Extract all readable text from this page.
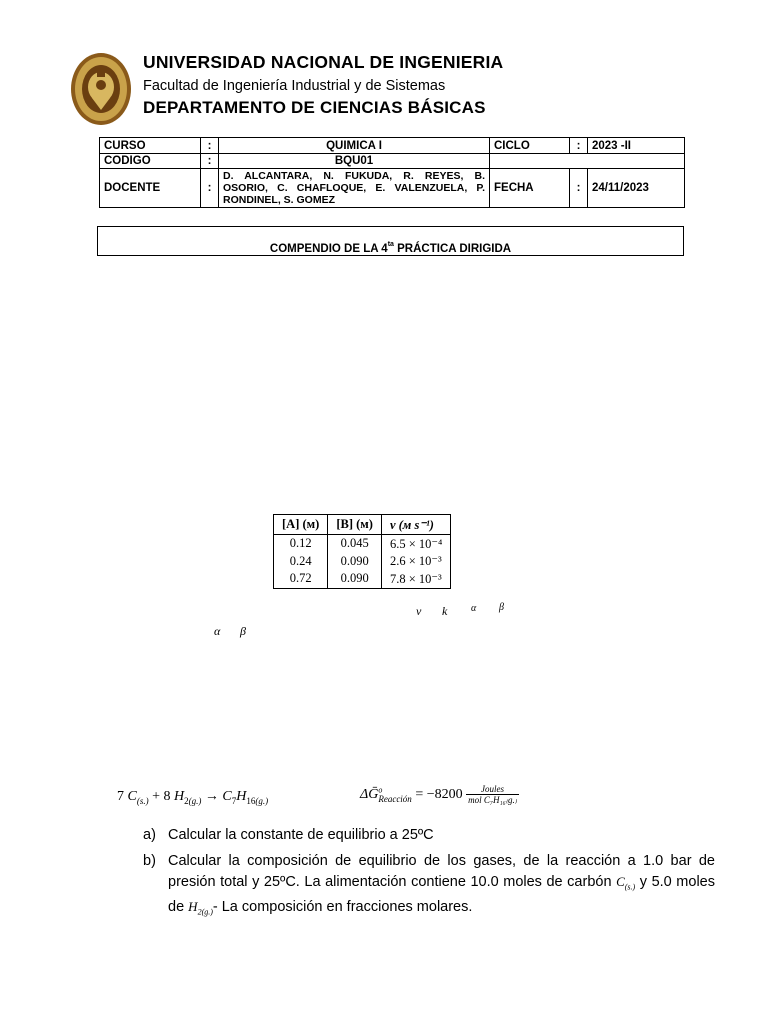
UNIVERSIDAD NACIONAL DE INGENIERIA
Facultad de Ingeniería Industrial y de Sistemas
DEPARTAMENTO DE CIENCIAS BÁSICAS
CURSO	:	QUIMICA I	CICLO	:	2023 -II
CODIGO	:	BQU01			
DOCENTE	:	D. ALCANTARA, N. FUKUDA, R. REYES, B.
OSORIO, C. CHAFLOQUE, E. VALENZUELA, P.
RONDINEL, S. GOMEZ	FECHA	:	24/11/2023
COMPENDIO DE LA $4^{ta}$ PRÁCTICA DIRIGIDA
[A] (м)	[B] (м)	v (м s⁻¹)
0.12	0.045	6.5 × 10⁻⁴
0.24	0.090	2.6 × 10⁻³
0.72	0.090	7.8 × 10⁻³
v k α β
α β
7 $C_{(s.)} + 8$ $H_{2(g.)} \to C_7H_{16(g.)}$	ΔḠ$^o_{Reacción}$ = $-8200 \frac{\text{Joules}}{\text{mol C₇H₁₆₍g.₎}}$
a) Calcular la constante de equilibrio a 25ºC
b) Calcular la composición de equilibrio de los gases, de la reacción a 1.0 bar de presión total y 25ºC. La alimentación contiene 10.0 moles de carbón $C_{(s.)}$ y 5.0 moles de $H_{2(g.)}-$ La composición en fracciones molares.
